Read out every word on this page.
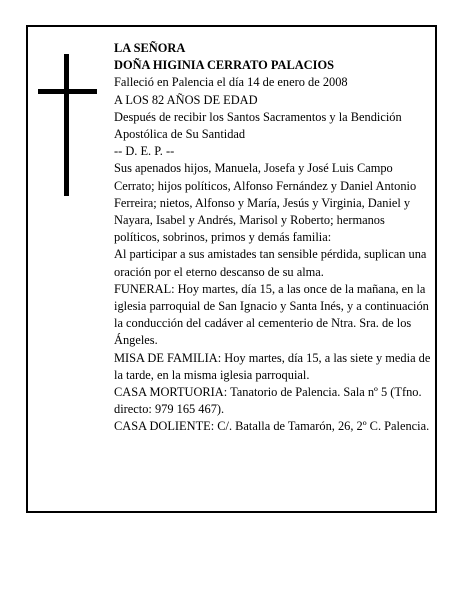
LA SEÑORA

DOÑA HIGINIA CERRATO PALACIOS

Falleció en Palencia el día 14 de enero de 2008

A LOS 82 AÑOS DE EDAD

Después de recibir los Santos Sacramentos y la Bendición Apostólica de Su Santidad

-- D. E. P. --

Sus apenados hijos, Manuela, Josefa y José Luis Campo Cerrato; hijos políticos, Alfonso Fernández y Daniel Antonio Ferreira; nietos, Alfonso y María, Jesús y Virginia, Daniel y Nayara, Isabel y Andrés, Marisol y Roberto; hermanos políticos, sobrinos, primos y demás familia:

Al participar a sus amistades tan sensible pérdida, suplican una oración por el eterno descanso de su alma.

FUNERAL: Hoy martes, día 15, a las once de la mañana, en la iglesia parroquial de San Ignacio y Santa Inés, y a continuación la conducción del cadáver al cementerio de Ntra. Sra. de los Ángeles.

MISA DE FAMILIA: Hoy martes, día 15, a las siete y media de la tarde, en la misma iglesia parroquial.

CASA MORTUORIA: Tanatorio de Palencia. Sala nº 5 (Tfno. directo: 979 165 467).

CASA DOLIENTE: C/. Batalla de Tamarón, 26, 2º C. Palencia.
